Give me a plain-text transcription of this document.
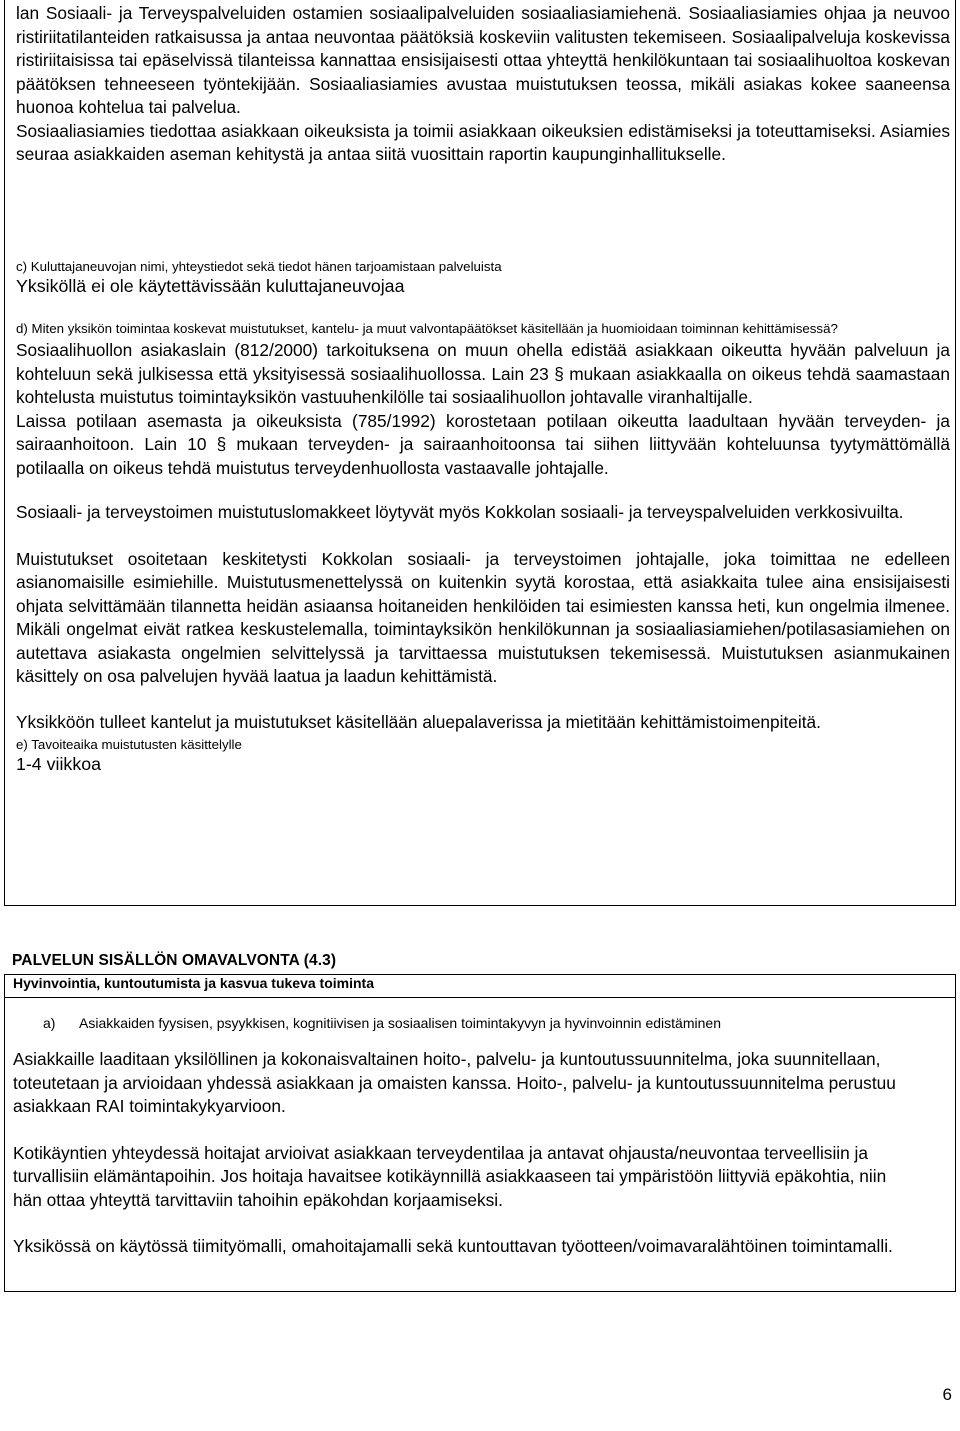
lan Sosiaali- ja Terveyspalveluiden ostamien sosiaalipalveluiden sosiaaliasiamiehenä. Sosiaaliasiamies ohjaa ja neuvoo ristiriitatilanteiden ratkaisussa ja antaa neuvontaa päätöksiä koskeviin valitusten tekemiseen. Sosiaalipalveluja koskevissa ristiriitaisissa tai epäselvissä tilanteissa kannattaa ensisijaisesti ottaa yhteyttä henkilökuntaan tai sosiaalihuoltoa koskevan päätöksen tehneeseen työntekijään. Sosiaaliasiamies avustaa muistutuksen teossa, mikäli asiakas kokee saaneensa huonoa kohtelua tai palvelua.

Sosiaaliasiamies tiedottaa asiakkaan oikeuksista ja toimii asiakkaan oikeuksien edistämiseksi ja toteuttamiseksi. Asiamies seuraa asiakkaiden aseman kehitystä ja antaa siitä vuosittain raportin kaupunginhallitukselle.

c) Kuluttajaneuvojan nimi, yhteystiedot sekä tiedot hänen tarjoamistaan palveluista

Yksiköllä ei ole käytettävissään kuluttajaneuvojaa

d) Miten yksikön toimintaa koskevat muistutukset, kantelu- ja muut valvontapäätökset käsitellään ja huomioidaan toiminnan kehittämisessä?

Sosiaalihuollon asiakaslain (812/2000) tarkoituksena on muun ohella edistää asiakkaan oikeutta hyvään palveluun ja kohteluun sekä julkisessa että yksityisessä sosiaalihuollossa. Lain 23 § mukaan asiakkaalla on oikeus tehdä saamastaan kohtelusta muistutus toimintayksikön vastuuhenkilölle tai sosiaalihuollon johtavalle viranhaltijalle.

Laissa potilaan asemasta ja oikeuksista (785/1992) korostetaan potilaan oikeutta laadultaan hyvään terveyden- ja sairaanhoitoon. Lain 10 § mukaan terveyden- ja sairaanhoitoonsa tai siihen liittyvään kohteluunsa tyytymättömällä potilaalla on oikeus tehdä muistutus terveydenhuollosta vastaavalle johtajalle.

Sosiaali- ja terveystoimen muistutuslomakkeet löytyvät myös Kokkolan sosiaali- ja terveyspalveluiden verkkosivuilta.

Muistutukset osoitetaan keskitetysti Kokkolan sosiaali- ja terveystoimen johtajalle, joka toimittaa ne edelleen asianomaisille esimiehille. Muistutusmenettelyssä on kuitenkin syytä korostaa, että asiakkaita tulee aina ensisijaisesti ohjata selvittämään tilannetta heidän asiaansa hoitaneiden henkilöiden tai esimiesten kanssa heti, kun ongelmia ilmenee. Mikäli ongelmat eivät ratkea keskustelemalla, toimintayksikön henkilökunnan ja sosiaaliasiamiehen/potilasasiamiehen on autettava asiakasta ongelmien selvittelyssä ja tarvittaessa muistutuksen tekemisessä. Muistutuksen asianmukainen käsittely on osa palvelujen hyvää laatua ja laadun kehittämistä.

Yksikköön tulleet kantelut ja muistutukset käsitellään aluepalaverissa ja mietitään kehittämistoimenpiteitä.

e) Tavoiteaika muistutusten käsittelylle

1-4 viikkoa

PALVELUN SISÄLLÖN OMAVALVONTA (4.3)
Hyvinvointia, kuntoutumista ja kasvua tukeva toiminta
a)	Asiakkaiden fyysisen, psyykkisen, kognitiivisen ja sosiaalisen toimintakyvyn ja hyvinvoinnin edistäminen

Asiakkaille laaditaan yksilöllinen ja kokonaisvaltainen hoito-, palvelu- ja kuntoutussuunnitelma, joka suunnitellaan, toteutetaan ja arvioidaan yhdessä asiakkaan ja omaisten kanssa. Hoito-, palvelu- ja kuntoutussuunnitelma perustuu asiakkaan RAI toimintakykyarvioon.

Kotikäyntien yhteydessä hoitajat arvioivat asiakkaan terveydentilaa ja antavat ohjausta/neuvontaa terveellisiin ja turvallisiin elämäntapoihin. Jos hoitaja havaitsee kotikäynnillä asiakkaaseen tai ympäristöön liittyviä epäkohtia, niin hän ottaa yhteyttä tarvittaviin tahoihin epäkohdan korjaamiseksi.

Yksikössä on käytössä tiimityömalli, omahoitajamalli sekä kuntouttavan työotteen/voimavaralähtöinen toimintamalli.

6
